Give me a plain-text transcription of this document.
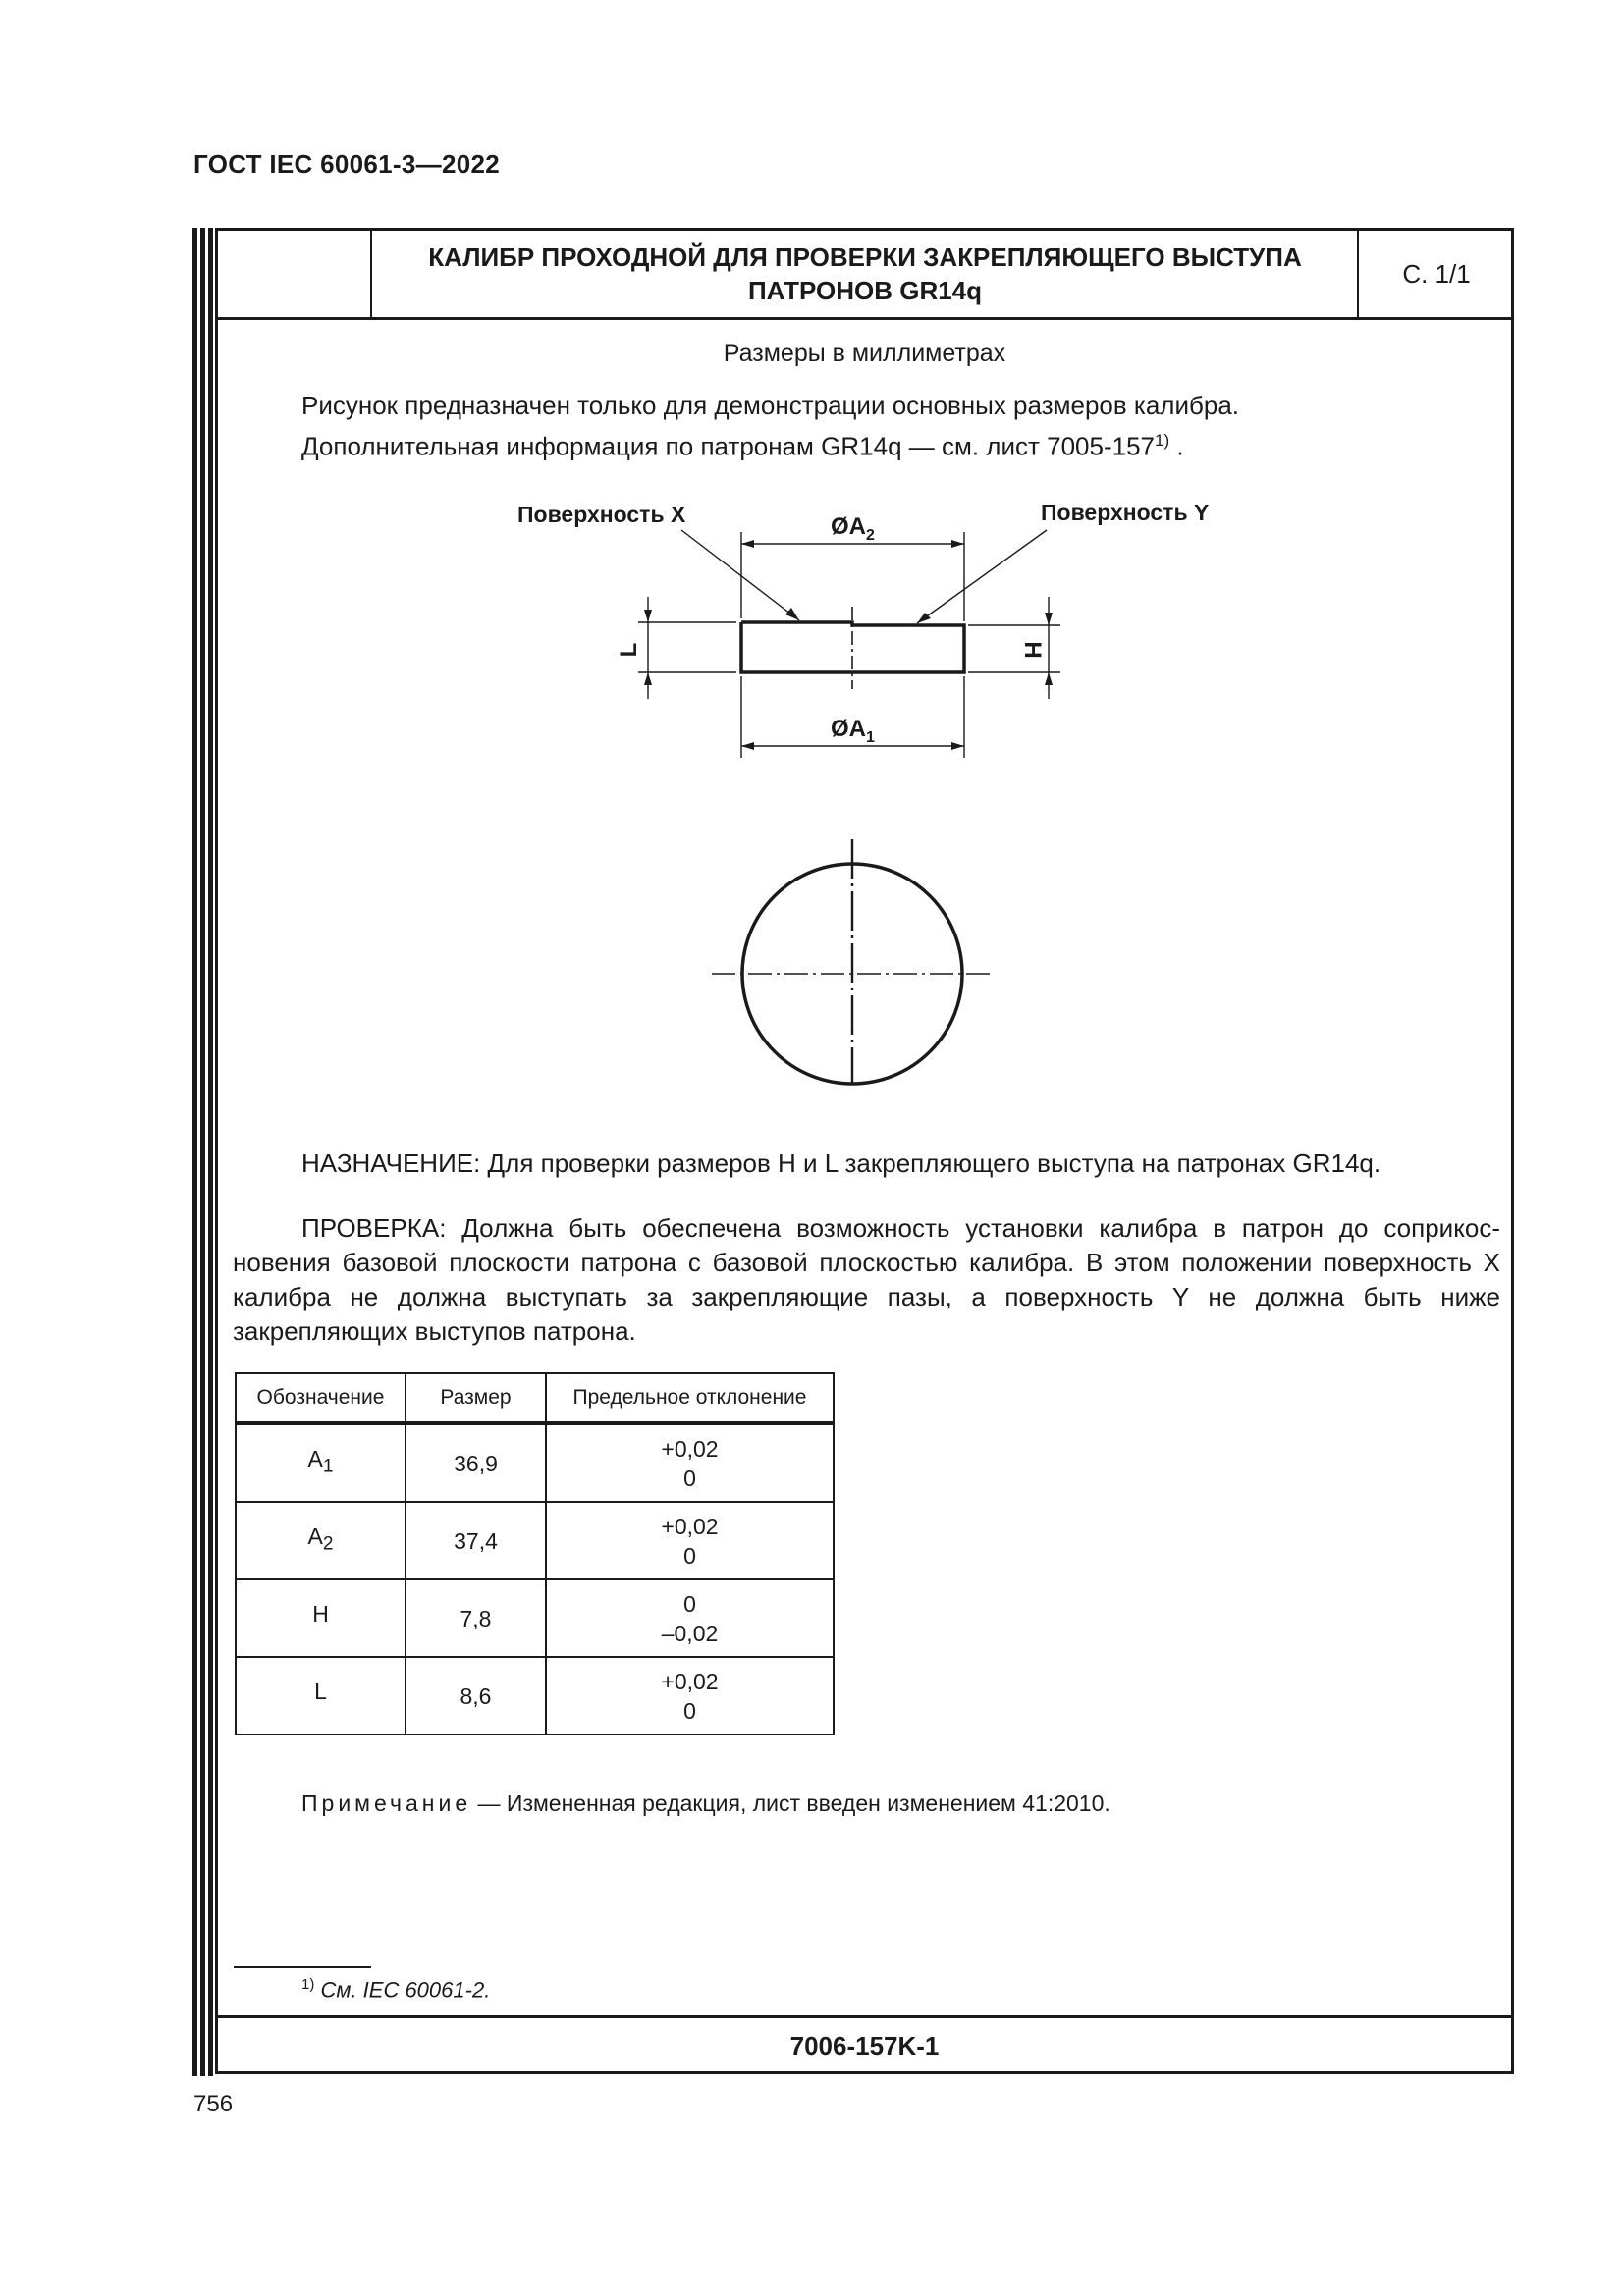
ГОСТ IEC 60061-3—2022
КАЛИБР ПРОХОДНОЙ ДЛЯ ПРОВЕРКИ ЗАКРЕПЛЯЮЩЕГО ВЫСТУПА
ПАТРОНОВ GR14q
С. 1/1
Размеры в миллиметрах
Рисунок предназначен только для демонстрации основных размеров калибра.
Дополнительная информация по патронам GR14q — см. лист 7005-157$^{1)}$ .
Поверхность X	Поверхность Y
$ØA_2$
$ØA_1$
L	H
НАЗНАЧЕНИЕ: Для проверки размеров H и L закрепляющего выступа на патронах GR14q.
ПРОВЕРКА: Должна быть обеспечена возможность установки калибра в патрон до соприкосновения базовой плоскости патрона с базовой плоскостью калибра. В этом положении поверхность X калибра не должна выступать за закрепляющие пазы, а поверхность Y не должна быть ниже закрепляющих выступов патрона.
Обозначение	Размер	Предельное отклонение
$A_1$	36,9	+0,02
0

$A_2$	37,4	+0,02
0

H	7,8	0
–0,02

L	8,6	+0,02
0
Примечание — Измененная редакция, лист введен изменением 41:2010.
$^{1)}$ См. IEC 60061-2.
7006-157K-1
756
